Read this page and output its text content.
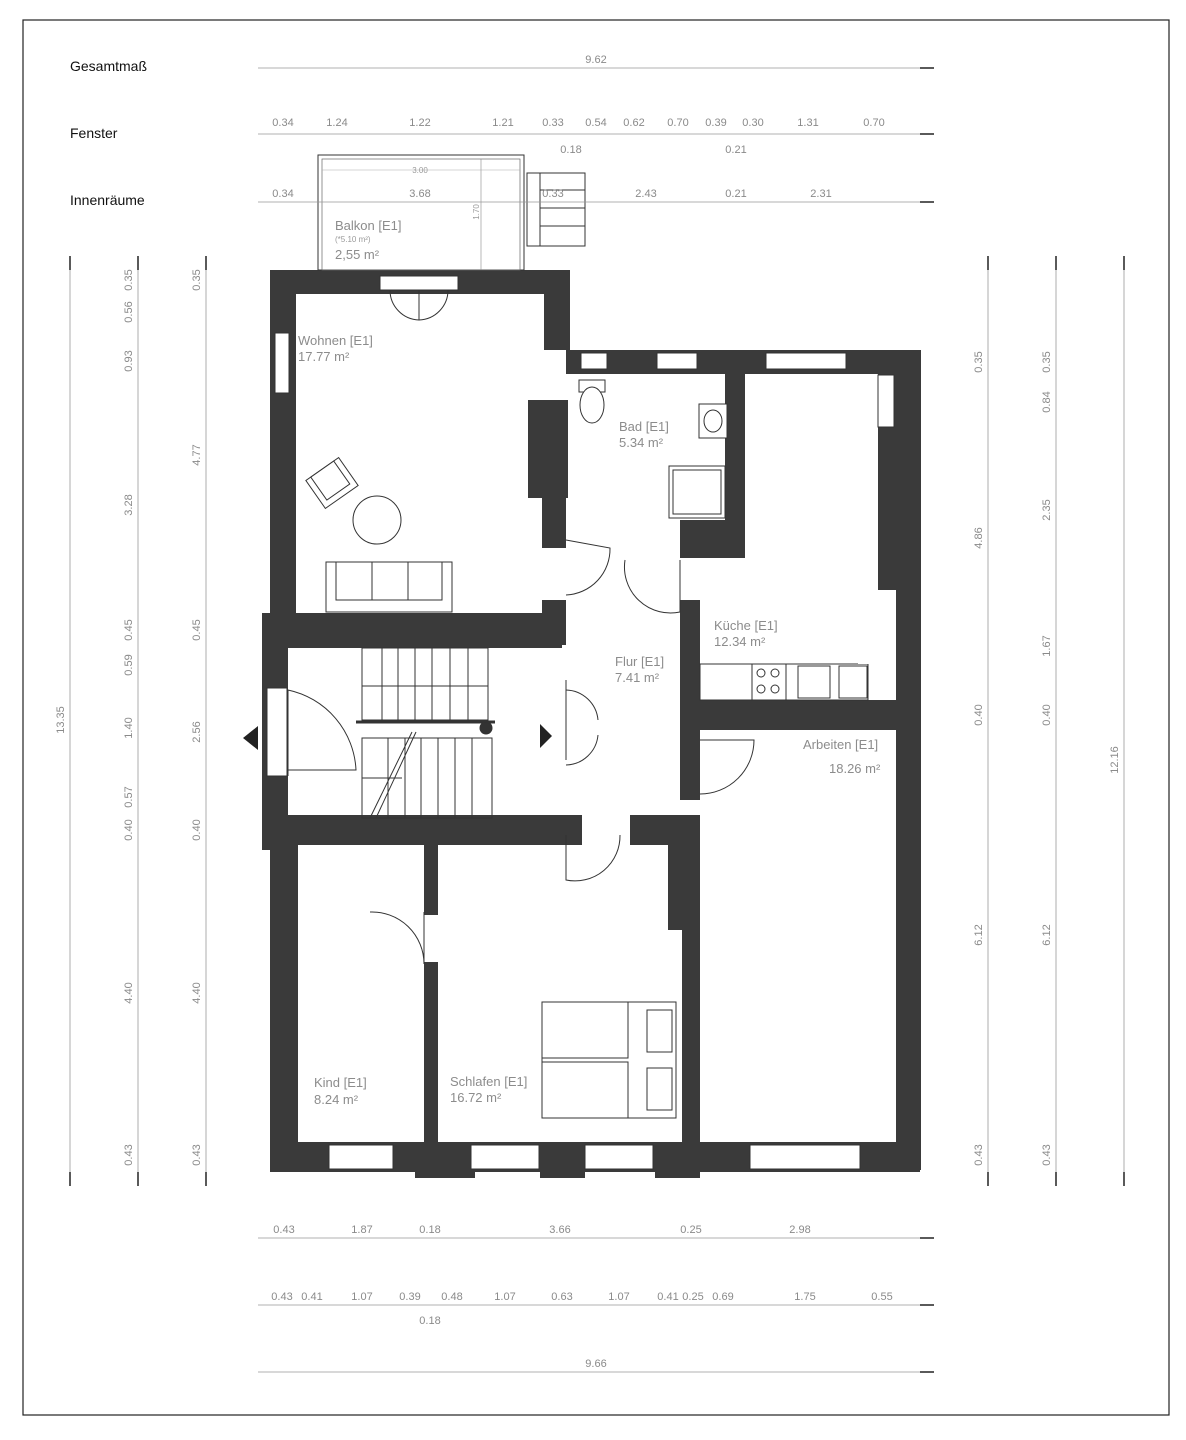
Gesamtmaß
Fenster
Innenräume
3.00
1.70
Balkon [E1]
(*5.10 m²)
2,55 m²
Wohnen [E1]
17.77 m²
Bad [E1]
5.34 m²
Küche [E1]
12.34 m²
Flur [E1]
7.41 m²
Arbeiten [E1]
18.26 m²
Kind [E1]
8.24 m²
Schlafen [E1]
16.72 m²
9.62
0.34	1.24	1.22	1.21	0.33 0.54 0.62 0.70 0.39 0.30	1.31	0.70
0.18	0.21
0.34	3.68	0.33	2.43	0.21	2.31
0.43	1.87	0.18	3.66	0.25	2.98
0.43 0.41	1.07 0.39 0.48	1.07	0.63	1.07	0.41 0.25 0.69	1.75	0.55
0.18
9.66
13.35
0.35
0.56
0.93
3.28
0.45
0.59
1.40
0.57
0.40
4.40
0.43
0.35
4.77
0.45
2.56
0.40
4.40
0.43
0.35
4.86
0.40
6.12
0.43
0.35
0.84
2.35
1.67
0.40
6.12
0.43
12.16
